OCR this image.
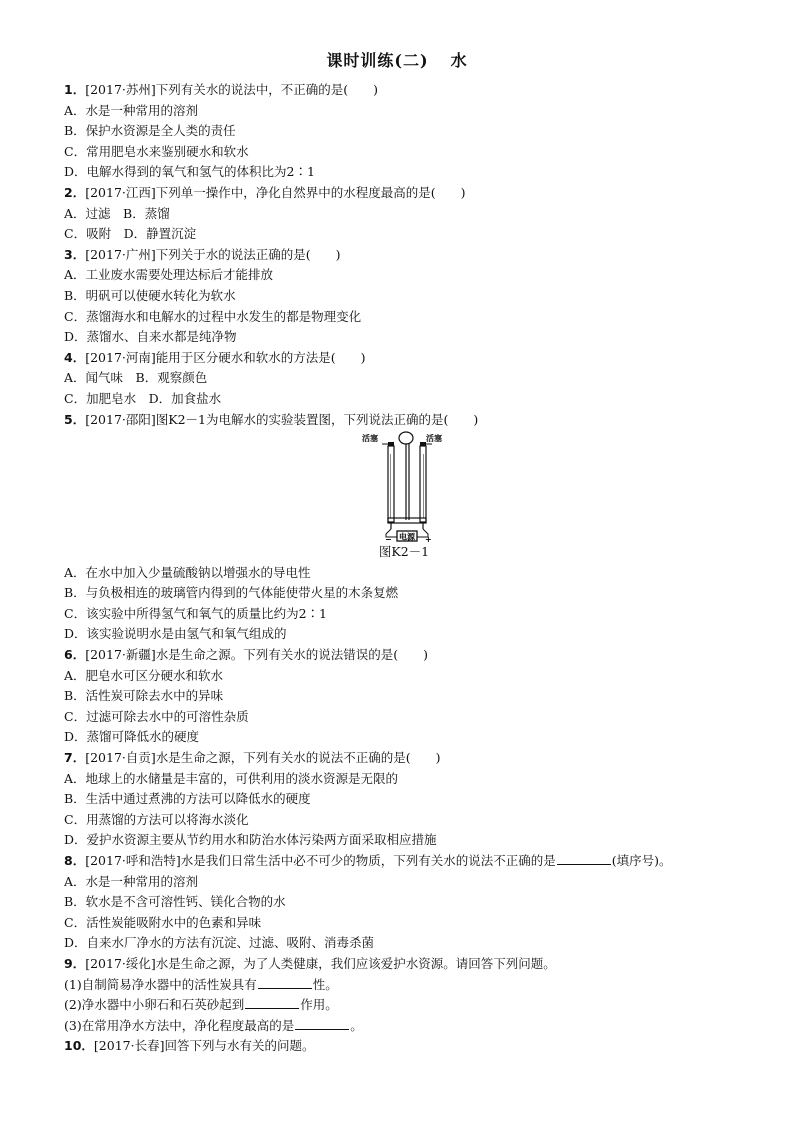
课时训练(二) 水
1．[2017·苏州]下列有关水的说法中，不正确的是(　　)
A．水是一种常用的溶剂
B．保护水资源是全人类的责任
C．常用肥皂水来鉴别硬水和软水
D．电解水得到的氧气和氢气的体积比为2∶1
2．[2017·江西]下列单一操作中，净化自然界中的水程度最高的是(　　)
A．过滤　B．蒸馏
C．吸附　D．静置沉淀
3．[2017·广州]下列关于水的说法正确的是(　　)
A．工业废水需要处理达标后才能排放
B．明矾可以使硬水转化为软水
C．蒸馏海水和电解水的过程中水发生的都是物理变化
D．蒸馏水、自来水都是纯净物
4．[2017·河南]能用于区分硬水和软水的方法是(　　)
A．闻气味　B．观察颜色
C．加肥皂水　D．加食盐水
5．[2017·邵阳]图K2－1为电解水的实验装置图，下列说法正确的是(　　)
活塞	活塞
电源
−	+
图K2－1
A．在水中加入少量硫酸钠以增强水的导电性
B．与负极相连的玻璃管内得到的气体能使带火星的木条复燃
C．该实验中所得氢气和氧气的质量比约为2∶1
D．该实验说明水是由氢气和氧气组成的
6．[2017·新疆]水是生命之源。下列有关水的说法错误的是(　　)
A．肥皂水可区分硬水和软水
B．活性炭可除去水中的异味
C．过滤可除去水中的可溶性杂质
D．蒸馏可降低水的硬度
7．[2017·自贡]水是生命之源，下列有关水的说法不正确的是(　　)
A．地球上的水储量是丰富的，可供利用的淡水资源是无限的
B．生活中通过煮沸的方法可以降低水的硬度
C．用蒸馏的方法可以将海水淡化
D．爱护水资源主要从节约用水和防治水体污染两方面采取相应措施
8．[2017·呼和浩特]水是我们日常生活中必不可少的物质，下列有关水的说法不正确的是	(填序号)。
A．水是一种常用的溶剂
B．软水是不含可溶性钙、镁化合物的水
C．活性炭能吸附水中的色素和异味
D．自来水厂净水的方法有沉淀、过滤、吸附、消毒杀菌
9．[2017·绥化]水是生命之源，为了人类健康，我们应该爱护水资源。请回答下列问题。
(1)自制简易净水器中的活性炭具有	性。
(2)净水器中小卵石和石英砂起到	作用。
(3)在常用净水方法中，净化程度最高的是	。
10．[2017·长春]回答下列与水有关的问题。
